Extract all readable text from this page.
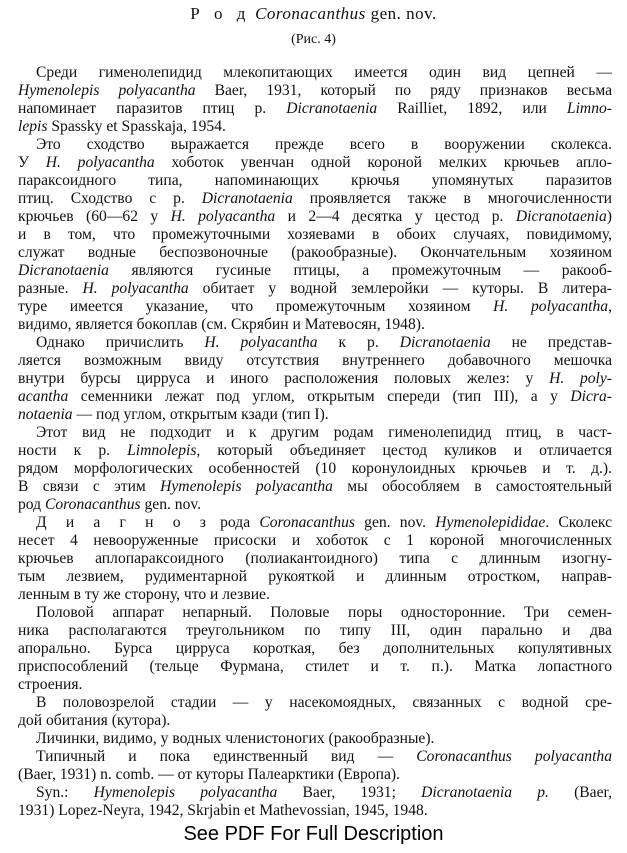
Р о д Coronacanthus gen. nov.
(Рис. 4)
Среди гименолепидид млекопитающих имеется один вид цепней —
Hymenolepis polyacantha Baer, 1931, который по ряду признаков весьма
напоминает паразитов птиц р. Dicranotaenia Railliet, 1892, или Limno-
lepis Spassky et Spasskaja, 1954.
Это сходство выражается прежде всего в вооружении сколекса.
У H. polyacantha хоботок увенчан одной короной мелких крючьев аплo-
параксоидного типа, напоминающих крючья упомянутых паразитов
птиц. Сходство с р. Dicranotaenia проявляется также в многочисленности
крючьев (60—62 у H. polyacantha и 2—4 десятка у цестод р. Dicranotaenia)
и в том, что промежуточными хозяевами в обоих случаях, повидимому,
служат водные беспозвоночные (ракообразные). Окончательным хозяином
Dicranotaenia являются гусиные птицы, а промежуточным — ракооб-
разные. H. polyacantha обитает у водной землеройки — куторы. В литера-
туре имеется указание, что промежуточным хозяином H. polyacantha,
видимо, является бокоплав (см. Скрябин и Матевосян, 1948).
Однако причислить H. polyacantha к р. Dicranotaenia не представ-
ляется возможным ввиду отсутствия внутреннего добавочного мешочка
внутри бурсы цирруса и иного расположения половых желез: у H. poly-
acantha семенники лежат под углом, открытым спереди (тип III), а у Dicra-
notaenia — под углом, открытым кзади (тип I).
Этот вид не подходит и к другим родам гименолепидид птиц, в част-
ности к р. Limnolepis, который объединяет цестод куликов и отличается
рядом морфологических особенностей (10 коронулоидных крючьев и т. д.).
В связи с этим Hymenolepis polyacantha мы обособляем в самостоятельный
род Coronacanthus gen. nov.
Д и а г н о з рода Coronacanthus gen. nov. Hymenolepididae. Сколекс
несет 4 невооруженные присоски и хоботок с 1 короной многочисленных
крючьев аплопараксоидного (полиакантоидного) типа с длинным изогну-
тым лезвием, рудиментарной рукояткой и длинным отростком, направ-
ленным в ту же сторону, что и лезвие.
Половой аппарат непарный. Половые поры односторонние. Три семен-
ника располагаются треугольником по типу III, один парально и два
апорально. Бурса цирруса короткая, без дополнительных копулятивных
приспособлений (тельце Фурмана, стилет и т. п.). Матка лопастного
строения.
В половозрелой стадии — у насекомоядных, связанных с водной сре-
дой обитания (кутора).
Личинки, видимо, у водных членистоногих (ракообразные).
Типичный и пока единственный вид — Coronacanthus polyacantha
(Baer, 1931) n. comb. — от куторы Палеарктики (Европа).
Syn.: Hymenolepis polyacantha Baer, 1931; Dicranotaenia p. (Baer,
1931) Lopez-Neyra, 1942, Skrjabin et Mathevossian, 1945, 1948.
See PDF For Full Description
